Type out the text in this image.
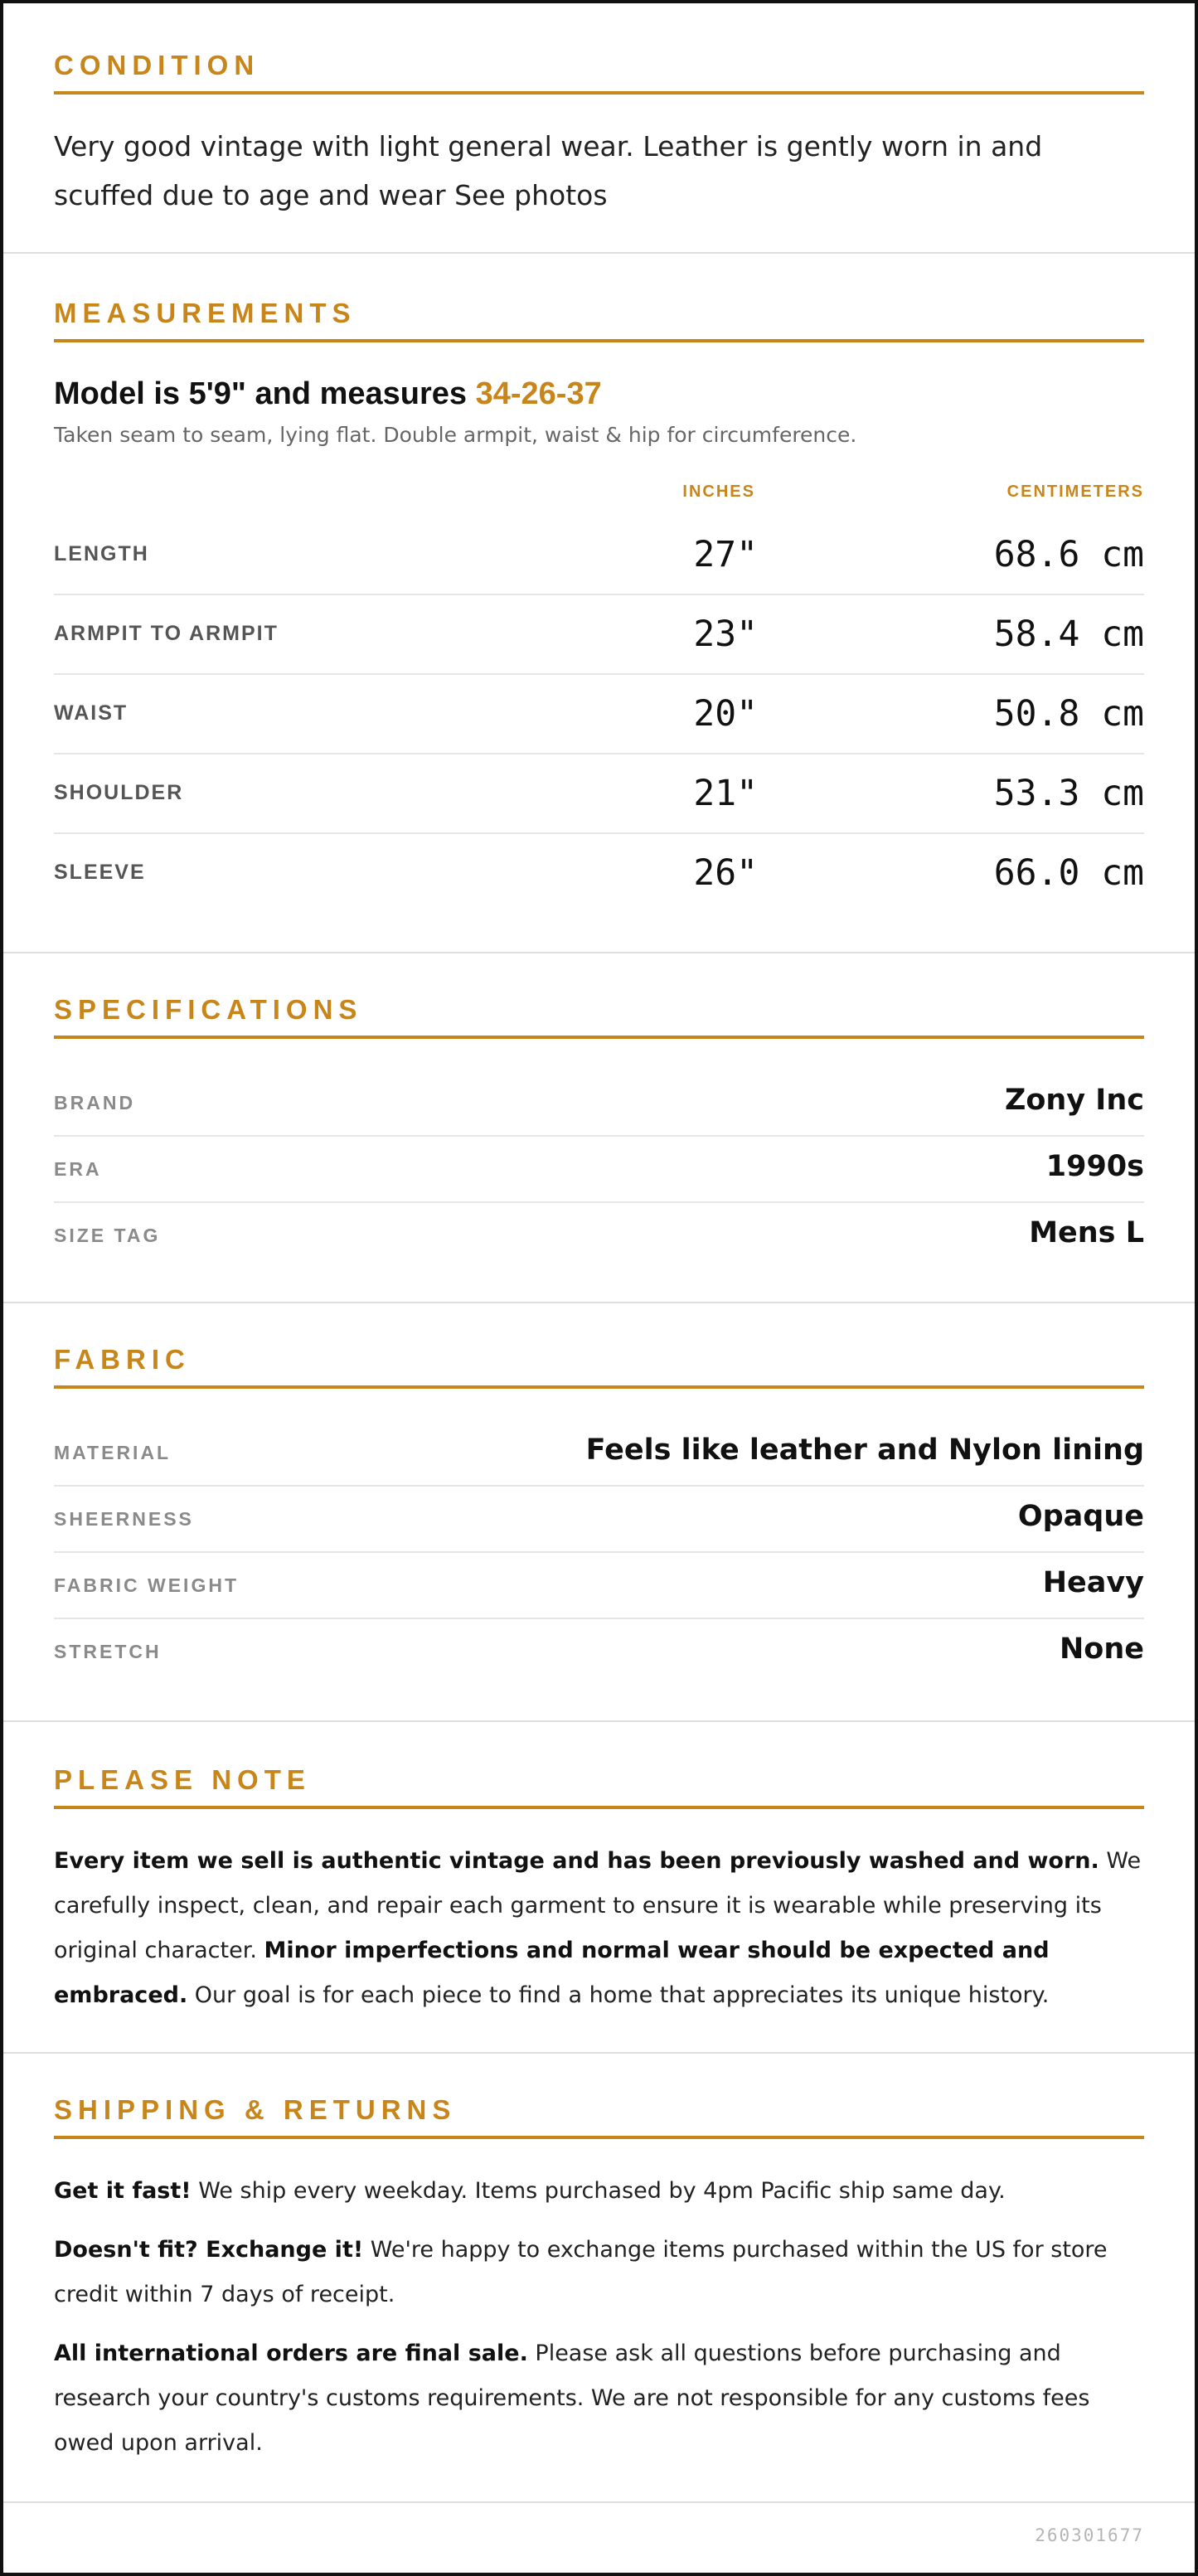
CONDITION
Very good vintage with light general wear. Leather is gently worn in and scuffed due to age and wear See photos
MEASUREMENTS
Model is 5'9" and measures 34-26-37
Taken seam to seam, lying flat. Double armpit, waist & hip for circumference.
INCHES	CENTIMETERS
LENGTH	27"	68.6 cm
ARMPIT TO ARMPIT	23"	58.4 cm
WAIST	20"	50.8 cm
SHOULDER	21"	53.3 cm
SLEEVE	26"	66.0 cm
SPECIFICATIONS
BRAND	Zony Inc
ERA	1990s
SIZE TAG	Mens L
FABRIC
MATERIAL	Feels like leather and Nylon lining
SHEERNESS	Opaque
FABRIC WEIGHT	Heavy
STRETCH	None
PLEASE NOTE
Every item we sell is authentic vintage and has been previously washed and worn. We carefully inspect, clean, and repair each garment to ensure it is wearable while preserving its original character. Minor imperfections and normal wear should be expected and embraced. Our goal is for each piece to find a home that appreciates its unique history.
SHIPPING & RETURNS
Get it fast! We ship every weekday. Items purchased by 4pm Pacific ship same day.
Doesn't fit? Exchange it! We're happy to exchange items purchased within the US for store credit within 7 days of receipt.
All international orders are final sale. Please ask all questions before purchasing and research your country's customs requirements. We are not responsible for any customs fees owed upon arrival.
260301677
